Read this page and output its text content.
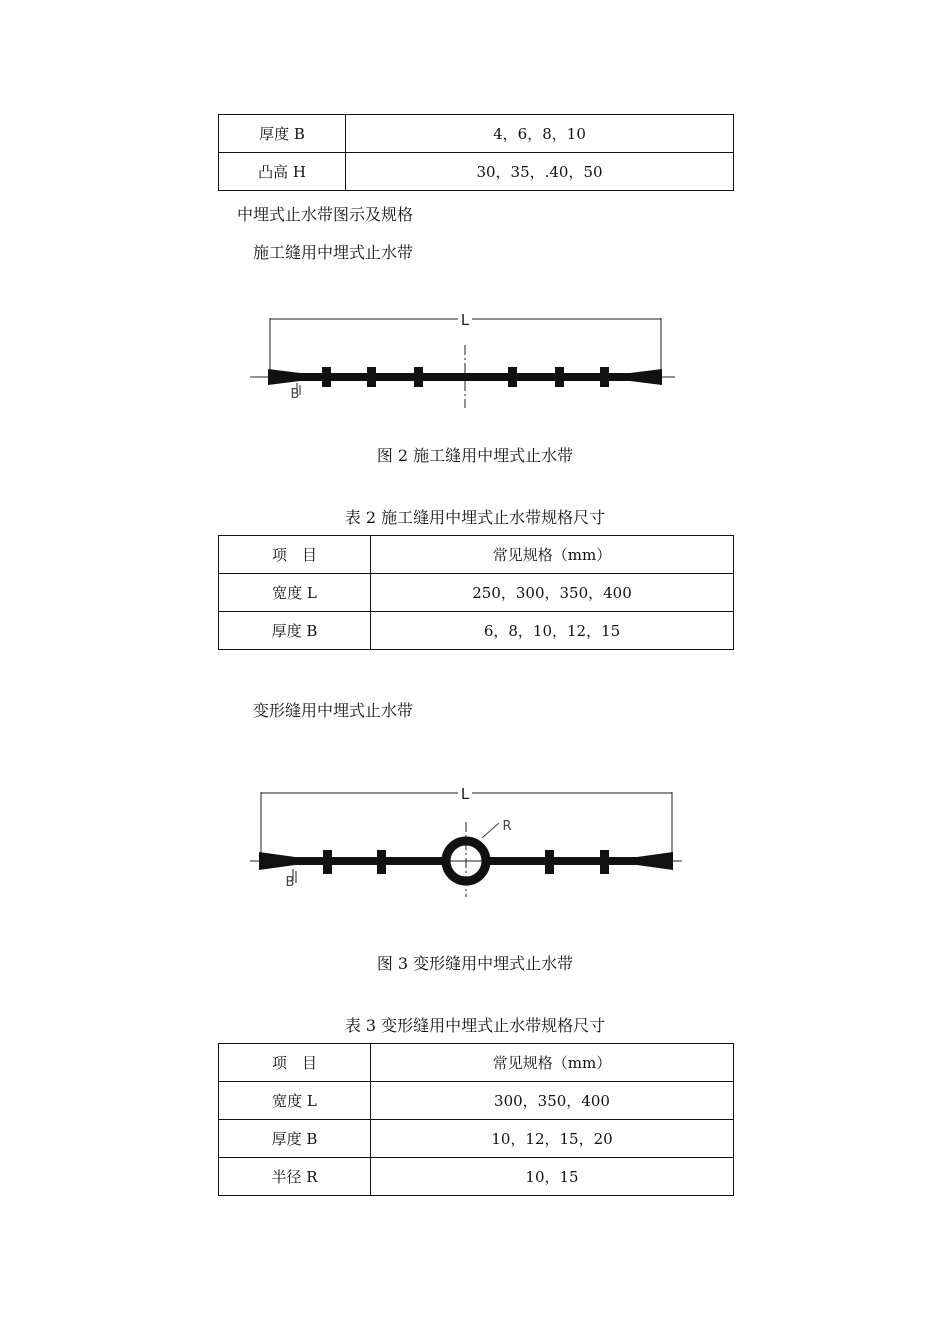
厚度 B	4，6，8，10
凸高 H	30，35，.40，50
中埋式止水带图示及规格
施工缝用中埋式止水带
L
B
图 2 施工缝用中埋式止水带
表 2 施工缝用中埋式止水带规格尺寸
项　目	常见规格（mm）
宽度 L	250，300，350，400
厚度 B	6，8，10，12，15
变形缝用中埋式止水带
L
R
B
图 3 变形缝用中埋式止水带
表 3 变形缝用中埋式止水带规格尺寸
项　目	常见规格（mm）
宽度 L	300，350，400
厚度 B	10，12，15，20
半径 R	10，15
